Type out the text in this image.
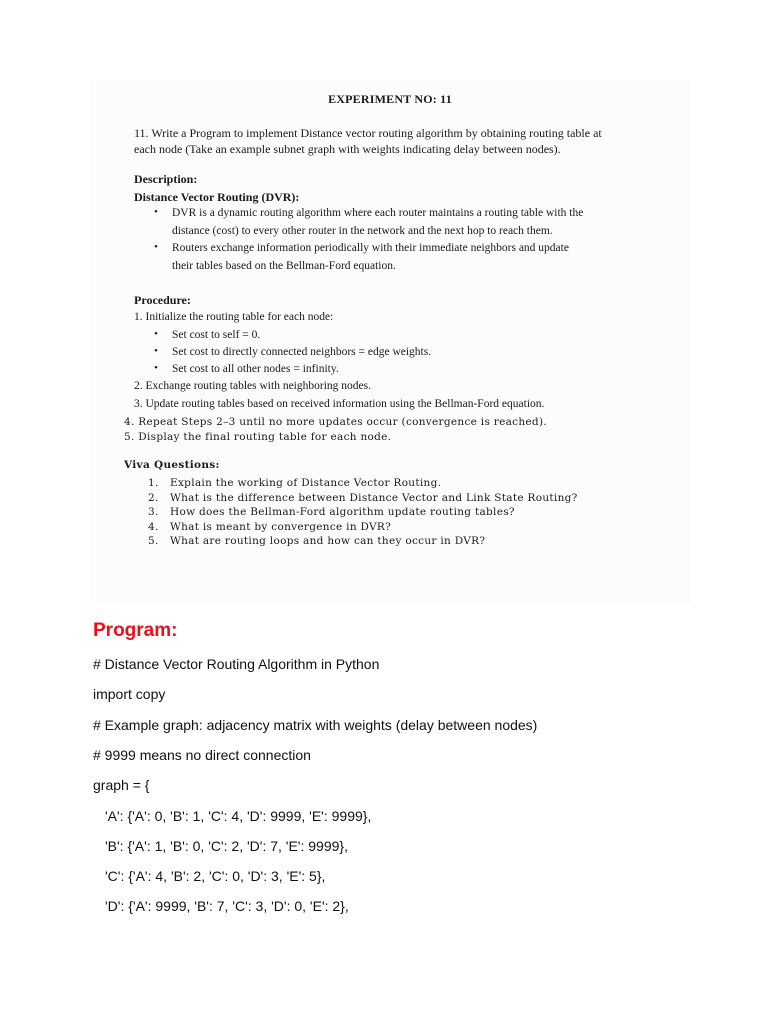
EXPERIMENT NO: 11
11. Write a Program to implement Distance vector routing algorithm by obtaining routing table at
each node (Take an example subnet graph with weights indicating delay between nodes).
Description:
Distance Vector Routing (DVR):
• DVR is a dynamic routing algorithm where each router maintains a routing table with the
distance (cost) to every other router in the network and the next hop to reach them.
• Routers exchange information periodically with their immediate neighbors and update
their tables based on the Bellman-Ford equation.
Procedure:
1. Initialize the routing table for each node:
• Set cost to self = 0.
• Set cost to directly connected neighbors = edge weights.
• Set cost to all other nodes = infinity.
2. Exchange routing tables with neighboring nodes.
3. Update routing tables based on received information using the Bellman-Ford equation.
4. Repeat Steps 2–3 until no more updates occur (convergence is reached).
5. Display the final routing table for each node.
Viva Questions:
1. Explain the working of Distance Vector Routing.
2. What is the difference between Distance Vector and Link State Routing?
3. How does the Bellman-Ford algorithm update routing tables?
4. What is meant by convergence in DVR?
5. What are routing loops and how can they occur in DVR?
Program:
# Distance Vector Routing Algorithm in Python
import copy
# Example graph: adjacency matrix with weights (delay between nodes)
# 9999 means no direct connection
graph = {
'A': {'A': 0, 'B': 1, 'C': 4, 'D': 9999, 'E': 9999},
'B': {'A': 1, 'B': 0, 'C': 2, 'D': 7, 'E': 9999},
'C': {'A': 4, 'B': 2, 'C': 0, 'D': 3, 'E': 5},
'D': {'A': 9999, 'B': 7, 'C': 3, 'D': 0, 'E': 2},
